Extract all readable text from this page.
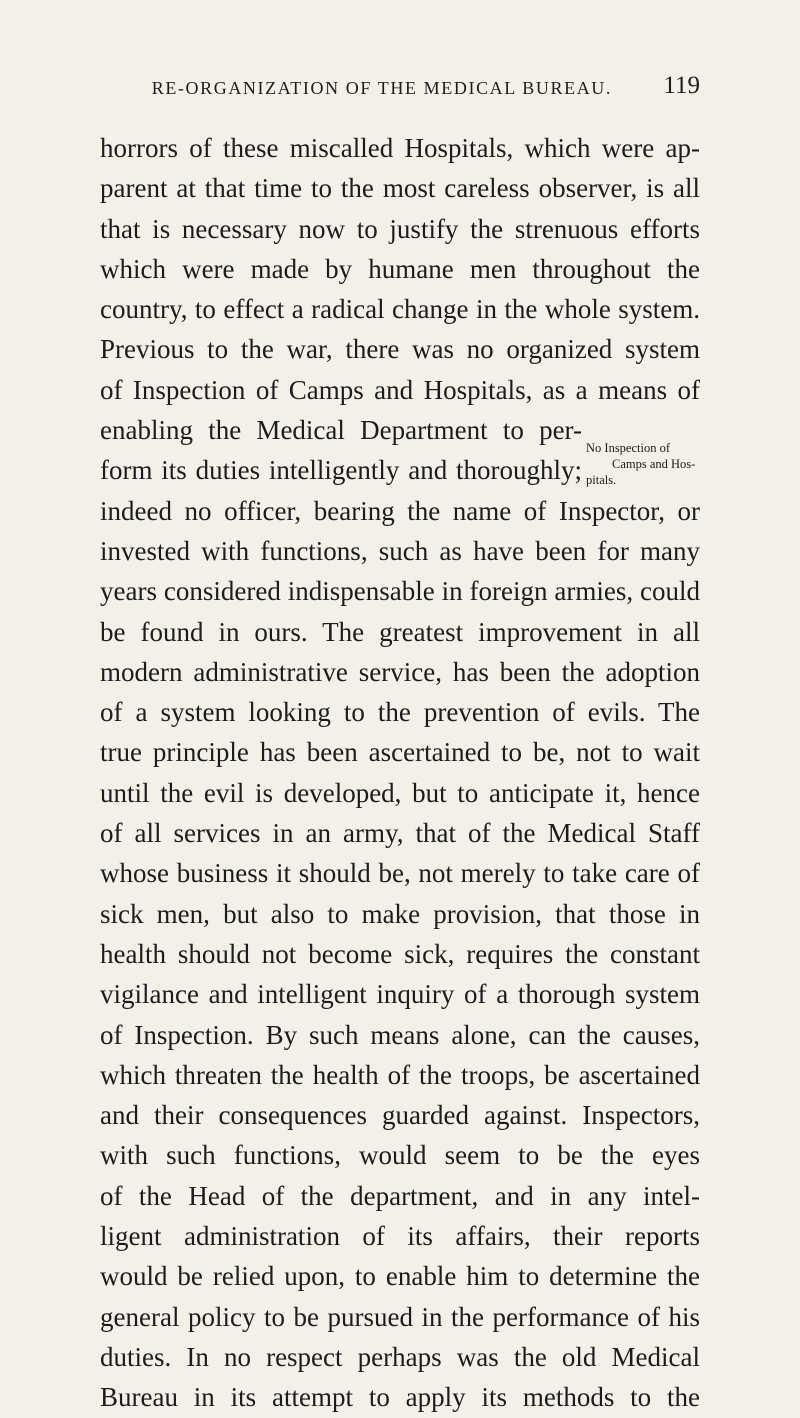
RE-ORGANIZATION OF THE MEDICAL BUREAU. 119
No Inspection of
Camps and Hos-
pitals.
horrors of these miscalled Hospitals, which were ap-
parent at that time to the most careless observer, is all
that is necessary now to justify the strenuous efforts
which were made by humane men throughout the
country, to effect a radical change in the whole system.
Previous to the war, there was no organized system
of Inspection of Camps and Hospitals, as a means of
enabling the Medical Department to per-
form its duties intelligently and thoroughly;
indeed no officer, bearing the name of Inspector, or
invested with functions, such as have been for many
years considered indispensable in foreign armies, could
be found in ours. The greatest improvement in all
modern administrative service, has been the adoption
of a system looking to the prevention of evils. The
true principle has been ascertained to be, not to wait
until the evil is developed, but to anticipate it, hence
of all services in an army, that of the Medical Staff
whose business it should be, not merely to take care of
sick men, but also to make provision, that those in
health should not become sick, requires the constant
vigilance and intelligent inquiry of a thorough system
of Inspection. By such means alone, can the causes,
which threaten the health of the troops, be ascertained
and their consequences guarded against. Inspectors,
with such functions, would seem to be the eyes
of the Head of the department, and in any intel-
ligent administration of its affairs, their reports
would be relied upon, to enable him to determine the
general policy to be pursued in the performance of his
duties. In no respect perhaps was the old Medical
Bureau in its attempt to apply its methods to the
